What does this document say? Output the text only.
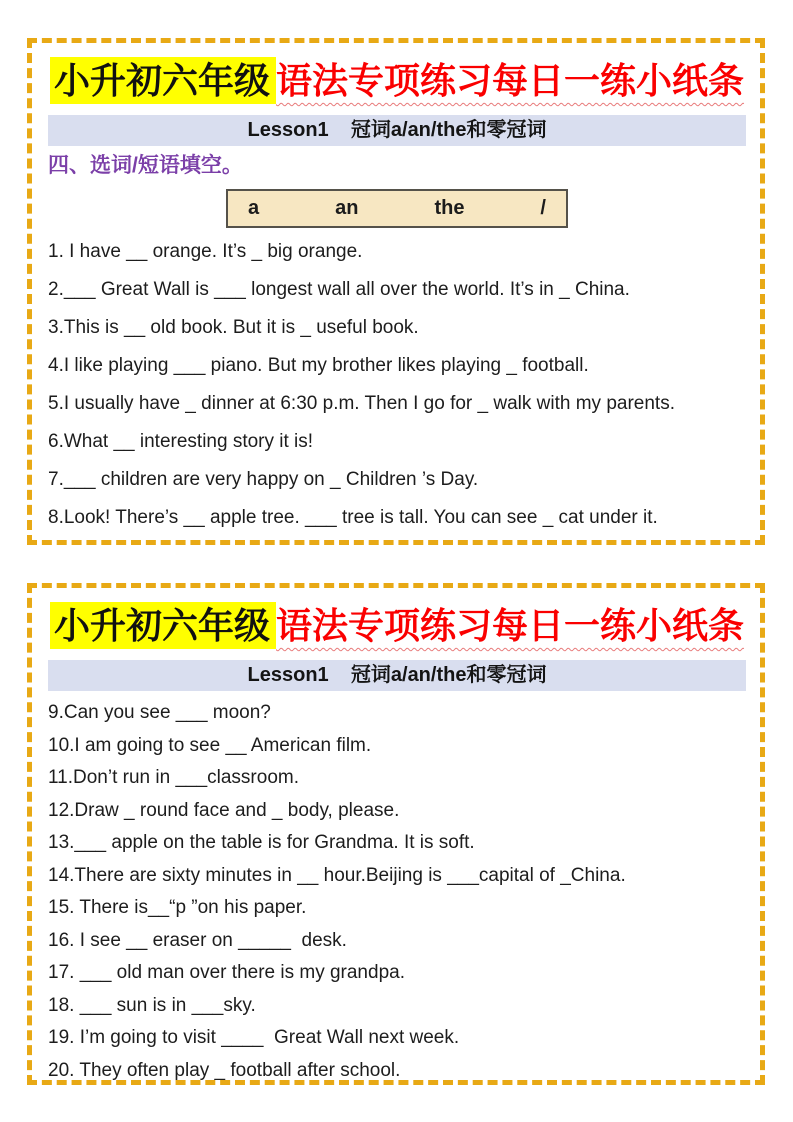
小升初六年级 语法专项练习每日一练小纸条
Lesson1    冠词a/an/the和零冠词
四、选词/短语填空。
a	an	the	/
1. I have __ orange. It’s _ big orange.
2.___ Great Wall is ___ longest wall all over the world. It’s in _ China.
3.This is __ old book. But it is _ useful book.
4.I like playing ___ piano. But my brother likes playing _ football.
5.I usually have _ dinner at 6:30 p.m. Then I go for _ walk with my parents.
6.What __ interesting story it is!
7.___ children are very happy on _ Children ’s Day.
8.Look! There’s __ apple tree. ___ tree is tall. You can see _ cat under it.
小升初六年级 语法专项练习每日一练小纸条
Lesson1    冠词a/an/the和零冠词
9.Can you see ___ moon?
10.I am going to see __ American film.
11.Don’t run in ___classroom.
12.Draw _ round face and _ body, please.
13.___ apple on the table is for Grandma. It is soft.
14.There are sixty minutes in __ hour.Beijing is ___capital of _China.
15. There is__“p ”on his paper.
16. I see __ eraser on _____  desk.
17. ___ old man over there is my grandpa.
18. ___ sun is in ___sky.
19. I’m going to visit ____  Great Wall next week.
20. They often play _ football after school.
